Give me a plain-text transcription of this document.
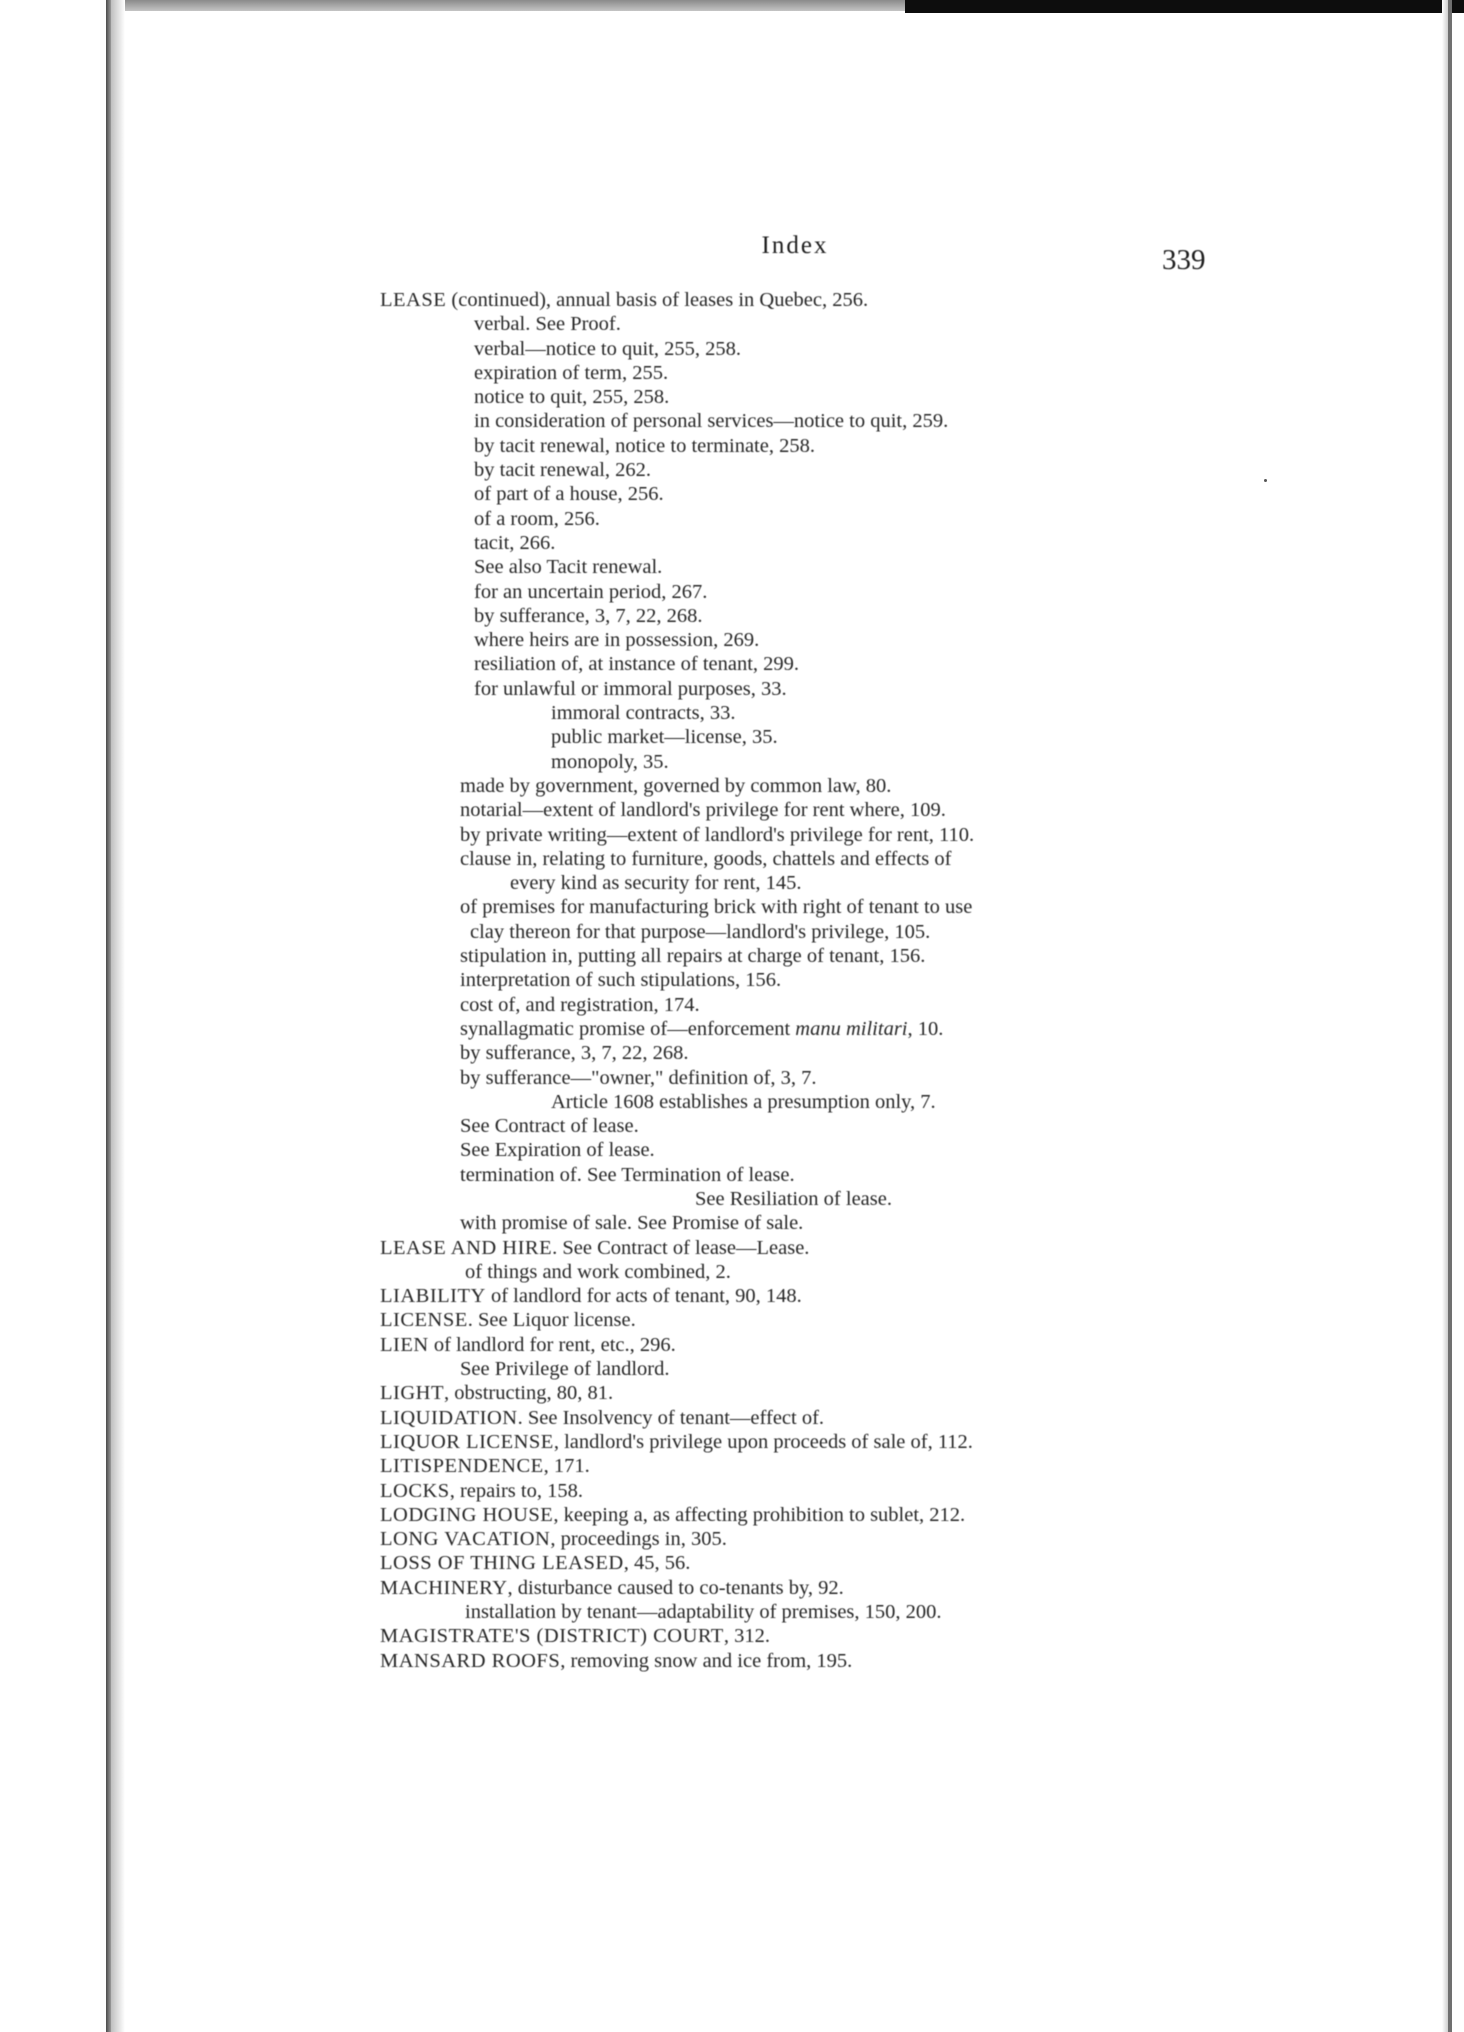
Index	339
LEASE (continued), annual basis of leases in Quebec, 256.
verbal. See Proof.
verbal—notice to quit, 255, 258.
expiration of term, 255.
notice to quit, 255, 258.
in consideration of personal services—notice to quit, 259.
by tacit renewal, notice to terminate, 258.
by tacit renewal, 262.
of part of a house, 256.
of a room, 256.
tacit, 266.
See also Tacit renewal.
for an uncertain period, 267.
by sufferance, 3, 7, 22, 268.
where heirs are in possession, 269.
resiliation of, at instance of tenant, 299.
for unlawful or immoral purposes, 33.
immoral contracts, 33.
public market—license, 35.
monopoly, 35.
made by government, governed by common law, 80.
notarial—extent of landlord's privilege for rent where, 109.
by private writing—extent of landlord's privilege for rent, 110.
clause in, relating to furniture, goods, chattels and effects of
every kind as security for rent, 145.
of premises for manufacturing brick with right of tenant to use
clay thereon for that purpose—landlord's privilege, 105.
stipulation in, putting all repairs at charge of tenant, 156.
interpretation of such stipulations, 156.
cost of, and registration, 174.
synallagmatic promise of—enforcement manu militari, 10.
by sufferance, 3, 7, 22, 268.
by sufferance—"owner," definition of, 3, 7.
Article 1608 establishes a presumption only, 7.
See Contract of lease.
See Expiration of lease.
termination of. See Termination of lease.
See Resiliation of lease.
with promise of sale. See Promise of sale.
LEASE AND HIRE. See Contract of lease—Lease.
of things and work combined, 2.
LIABILITY of landlord for acts of tenant, 90, 148.
LICENSE. See Liquor license.
LIEN of landlord for rent, etc., 296.
See Privilege of landlord.
LIGHT, obstructing, 80, 81.
LIQUIDATION. See Insolvency of tenant—effect of.
LIQUOR LICENSE, landlord's privilege upon proceeds of sale of, 112.
LITISPENDENCE, 171.
LOCKS, repairs to, 158.
LODGING HOUSE, keeping a, as affecting prohibition to sublet, 212.
LONG VACATION, proceedings in, 305.
LOSS OF THING LEASED, 45, 56.
MACHINERY, disturbance caused to co-tenants by, 92.
installation by tenant—adaptability of premises, 150, 200.
MAGISTRATE'S (DISTRICT) COURT, 312.
MANSARD ROOFS, removing snow and ice from, 195.
